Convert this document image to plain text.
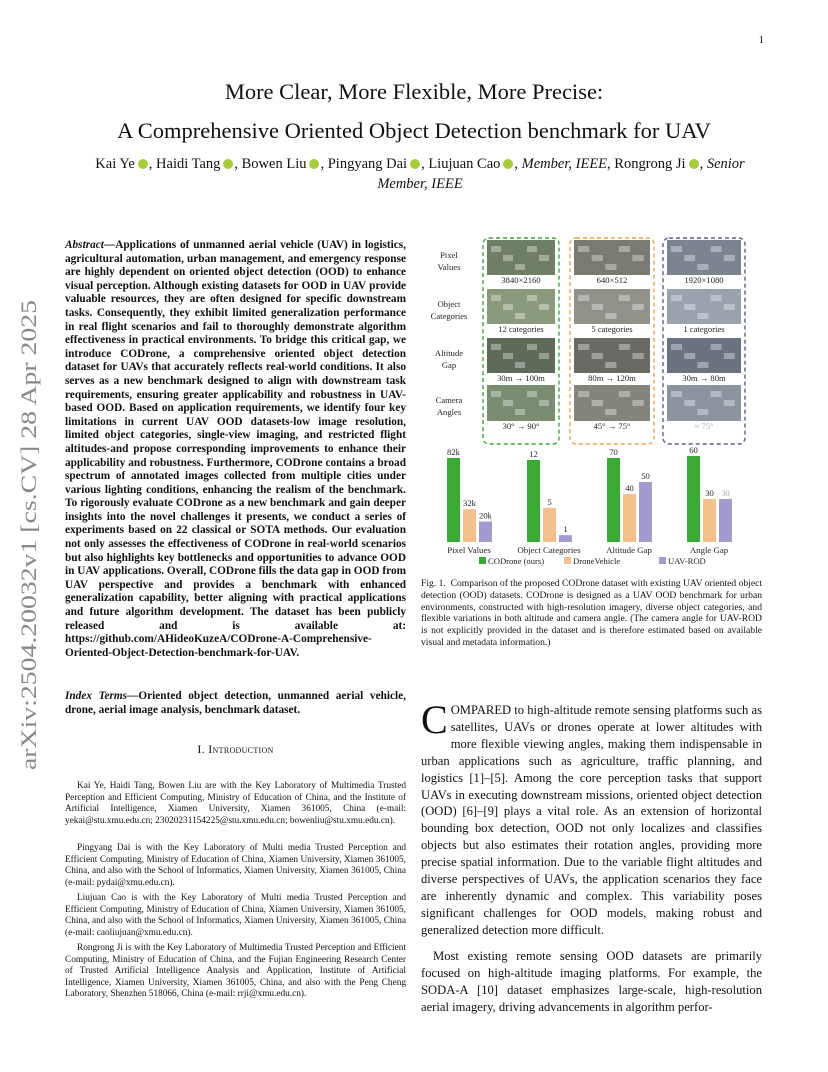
1
arXiv:2504.20032v1 [cs.CV] 28 Apr 2025
More Clear, More Flexible, More Precise:
A Comprehensive Oriented Object Detection benchmark for UAV
Kai Ye , Haidi Tang , Bowen Liu , Pingyang Dai , Liujuan Cao , Member, IEEE, Rongrong Ji , Senior Member, IEEE
Abstract—Applications of unmanned aerial vehicle (UAV) in logistics, agricultural automation, urban management, and emergency response are highly dependent on oriented object detection (OOD) to enhance visual perception. Although existing datasets for OOD in UAV provide valuable resources, they are often designed for specific downstream tasks. Consequently, they exhibit limited generalization performance in real flight scenarios and fail to thoroughly demonstrate algorithm effectiveness in practical environments. To bridge this critical gap, we introduce CODrone, a comprehensive oriented object detection dataset for UAVs that accurately reflects real-world conditions. It also serves as a new benchmark designed to align with downstream task requirements, ensuring greater applicability and robustness in UAV-based OOD. Based on application requirements, we identify four key limitations in current UAV OOD datasets-low image resolution, limited object categories, single-view imaging, and restricted flight altitudes-and propose corresponding improvements to enhance their applicability and robustness. Furthermore, CODrone contains a broad spectrum of annotated images collected from multiple cities under various lighting conditions, enhancing the realism of the benchmark. To rigorously evaluate CODrone as a new benchmark and gain deeper insights into the novel challenges it presents, we conduct a series of experiments based on 22 classical or SOTA methods. Our evaluation not only assesses the effectiveness of CODrone in real-world scenarios but also highlights key bottlenecks and opportunities to advance OOD in UAV applications. Overall, CODrone fills the data gap in OOD from UAV perspective and provides a benchmark with enhanced generalization capability, better aligning with practical applications and future algorithm development. The dataset has been publicly released and is available at: https://github.com/AHideoKuzeA/CODrone-A-Comprehensive-Oriented-Object-Detection-benchmark-for-UAV.
Index Terms—Oriented object detection, unmanned aerial vehicle, drone, aerial image analysis, benchmark dataset.
I. Introduction
Kai Ye, Haidi Tang, Bowen Liu are with the Key Laboratory of Multimedia Trusted Perception and Efficient Computing, Ministry of Education of China, and the Institute of Artificial Intelligence, Xiamen University, Xiamen 361005, China (e-mail: yekai@stu.xmu.edu.cn; 23020231154225@stu.xmu.edu.cn; bowenliu@stu.xmu.edu.cn).
Pingyang Dai is with the Key Laboratory of Multi media Trusted Perception and Efficient Computing, Ministry of Education of China, Xiamen University, Xiamen 361005, China, and also with the School of Informatics, Xiamen University, Xiamen 361005, China (e-mail: pydai@xmu.edu.cn).
Liujuan Cao is with the Key Laboratory of Multi media Trusted Perception and Efficient Computing, Ministry of Education of China, Xiamen University, Xiamen 361005, China, and also with the School of Informatics, Xiamen University, Xiamen 361005, China (e-mail: caoliujuan@xmu.edu.cn).
Rongrong Ji is with the Key Laboratory of Multimedia Trusted Perception and Efficient Computing, Ministry of Education of China, and the Fujian Engineering Research Center of Trusted Artificial Intelligence Analysis and Application, Institute of Artificial Intelligence, Xiamen University, Xiamen 361005, China, and also with the Peng Cheng Laboratory, Shenzhen 518066, China (e-mail: rrji@xmu.edu.cn).
Pixel
Values
Object
Categories
Altitude
Gap
Camera
Angles
3840×2160
12 categories
30m → 100m
30° → 90°
640×512
5 categories
80m → 120m
45° → 75°
1920×1080
1 categories
30m → 80m
≈ 75°
82k
32k
20k
Pixel Values
12
5
1
Object Categories
70
40
50
Altitude Gap
60
30 30
Angle Gap
CODrone (ours)	DroneVehicle	UAV-ROD
Fig. 1. Comparison of the proposed CODrone dataset with existing UAV oriented object detection (OOD) datasets. CODrone is designed as a UAV OOD benchmark for urban environments, constructed with high-resolution imagery, diverse object categories, and flexible variations in both altitude and camera angle. (The camera angle for UAV-ROD is not explicitly provided in the dataset and is therefore estimated based on available visual and metadata information.)
COMPARED to high-altitude remote sensing platforms such as satellites, UAVs or drones operate at lower altitudes with more flexible viewing angles, making them indispensable in urban applications such as agriculture, traffic planning, and logistics [1]–[5]. Among the core perception tasks that support UAVs in executing downstream missions, oriented object detection (OOD) [6]–[9] plays a vital role. As an extension of horizontal bounding box detection, OOD not only localizes and classifies objects but also estimates their rotation angles, providing more precise spatial information. Due to the variable flight altitudes and diverse perspectives of UAVs, the application scenarios they face are inherently dynamic and complex. This variability poses significant challenges for OOD models, making robust and generalized detection more difficult.
Most existing remote sensing OOD datasets are primarily focused on high-altitude imaging platforms. For example, the SODA-A [10] dataset emphasizes large-scale, high-resolution aerial imagery, driving advancements in algorithm perfor-
